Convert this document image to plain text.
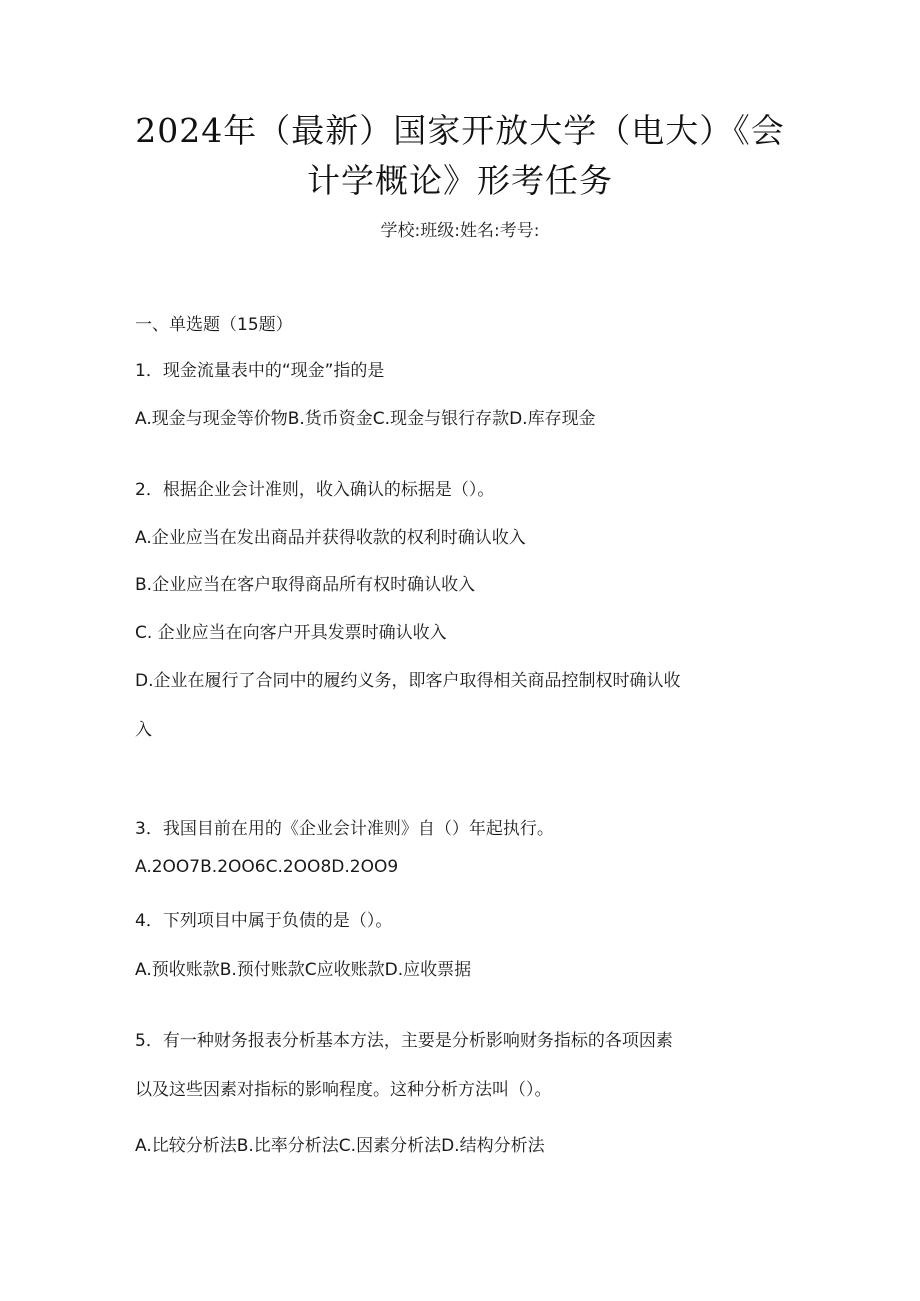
2024年（最新）国家开放大学（电大）《会
计学概论》形考任务
学校:班级:姓名:考号:
一、单选题（15题）
1．现金流量表中的“现金”指的是
A.现金与现金等价物B.货币资金C.现金与银行存款D.库存现金
2．根据企业会计准则，收入确认的标据是（）。
A.企业应当在发出商品并获得收款的权利时确认收入
B.企业应当在客户取得商品所有权时确认收入
C. 企业应当在向客户开具发票时确认收入
D.企业在履行了合同中的履约义务，即客户取得相关商品控制权时确认收
入
3．我国目前在用的《企业会计准则》自（）年起执行。
A.2OO7B.2OO6C.2OO8D.2OO9
4．下列项目中属于负债的是（）。
A.预收账款B.预付账款C应收账款D.应收票据
5．有一种财务报表分析基本方法，主要是分析影响财务指标的各项因素
以及这些因素对指标的影响程度。这种分析方法叫（）。
A.比较分析法B.比率分析法C.因素分析法D.结构分析法
